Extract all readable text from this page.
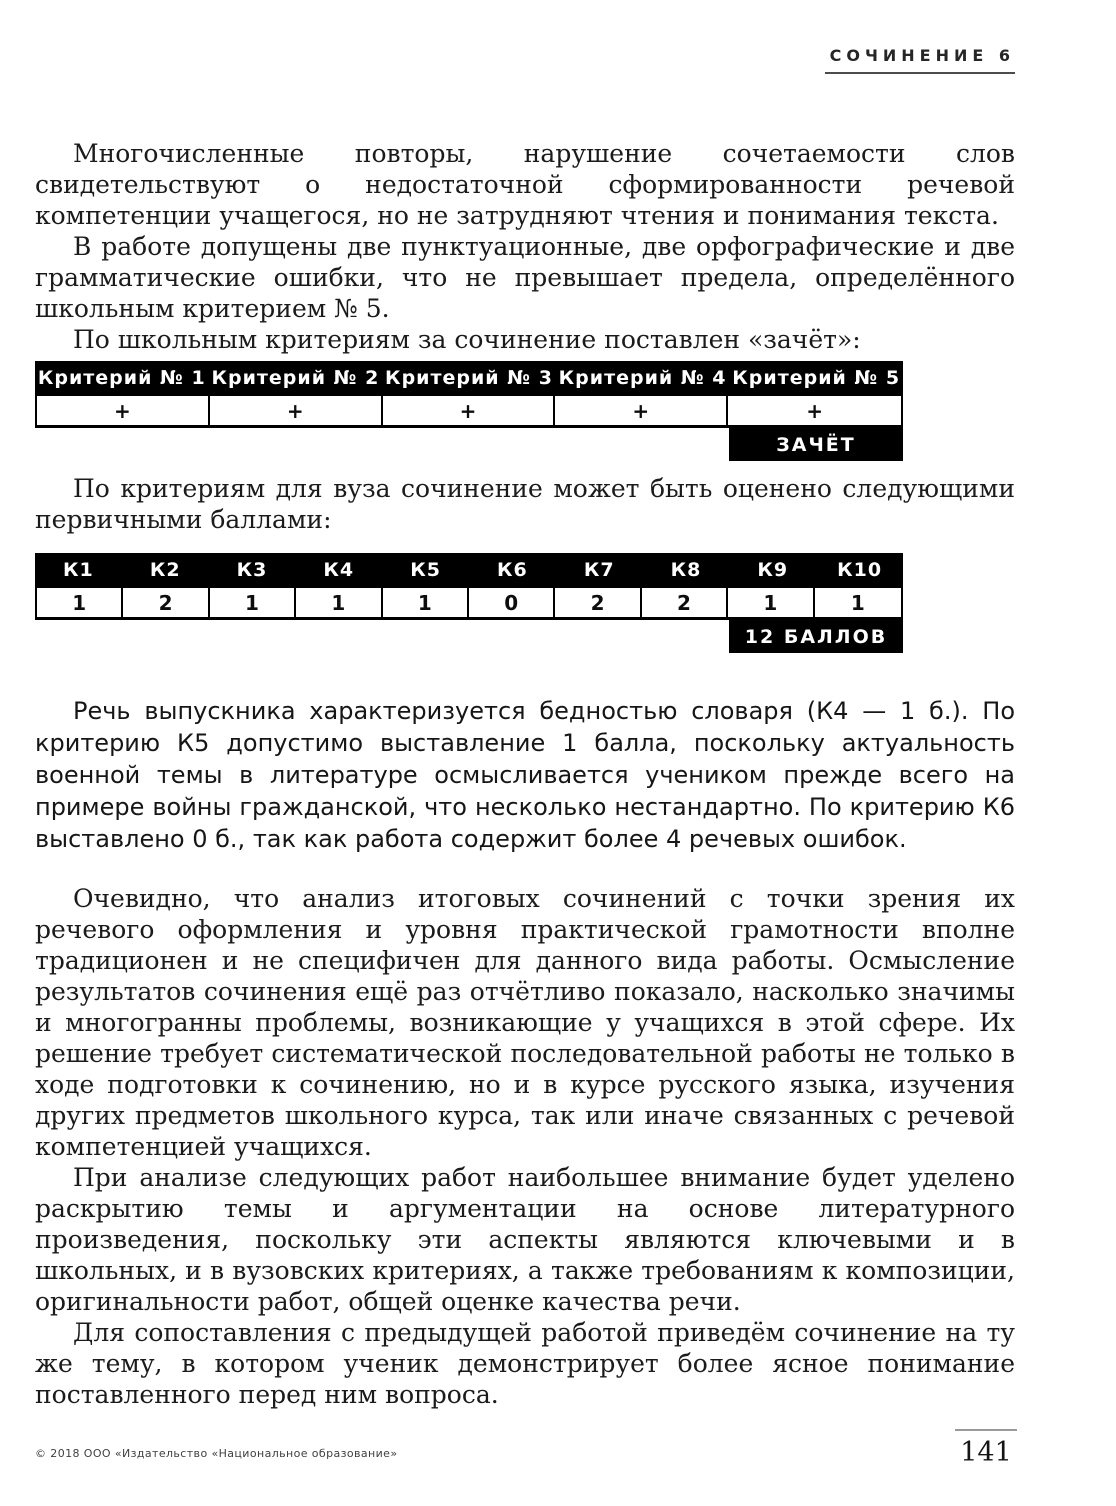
СОЧИНЕНИЕ 6

Многочисленные повторы, нарушение сочетаемости слов свидетельствуют о недостаточной сформированности речевой компетенции учащегося, но не затрудняют чтения и понимания текста.

В работе допущены две пунктуационные, две орфографические и две грамматические ошибки, что не превышает предела, определённого школьным критерием № 5.

По школьным критериям за сочинение поставлен «зачёт»:

Критерий № 1 Критерий № 2 Критерий № 3 Критерий № 4 Критерий № 5
+	+	+	+	+
ЗАЧЁТ

По критериям для вуза сочинение может быть оценено следующими первичными баллами:

К1	К2	К3	К4	К5	К6	К7	К8	К9	К10
1	2	1	1	1	0	2	2	1	1
12 БАЛЛОВ

Речь выпускника характеризуется бедностью словаря (К4 — 1 б.). По критерию К5 допустимо выставление 1 балла, поскольку актуальность военной темы в литературе осмысливается учеником прежде всего на примере войны гражданской, что несколько нестандартно. По критерию К6 выставлено 0 б., так как работа содержит более 4 речевых ошибок.

Очевидно, что анализ итоговых сочинений с точки зрения их речевого оформления и уровня практической грамотности вполне традиционен и не специфичен для данного вида работы. Осмысление результатов сочинения ещё раз отчётливо показало, насколько значимы и многогранны проблемы, возникающие у учащихся в этой сфере. Их решение требует систематической последовательной работы не только в ходе подготовки к сочинению, но и в курсе русского языка, изучения других предметов школьного курса, так или иначе связанных с речевой компетенцией учащихся.

При анализе следующих работ наибольшее внимание будет уделено раскрытию темы и аргументации на основе литературного произведения, поскольку эти аспекты являются ключевыми и в школьных, и в вузовских критериях, а также требованиям к композиции, оригинальности работ, общей оценке качества речи.

Для сопоставления с предыдущей работой приведём сочинение на ту же тему, в котором ученик демонстрирует более ясное понимание поставленного перед ним вопроса.

© 2018 ООО «Издательство «Национальное образование»	141
